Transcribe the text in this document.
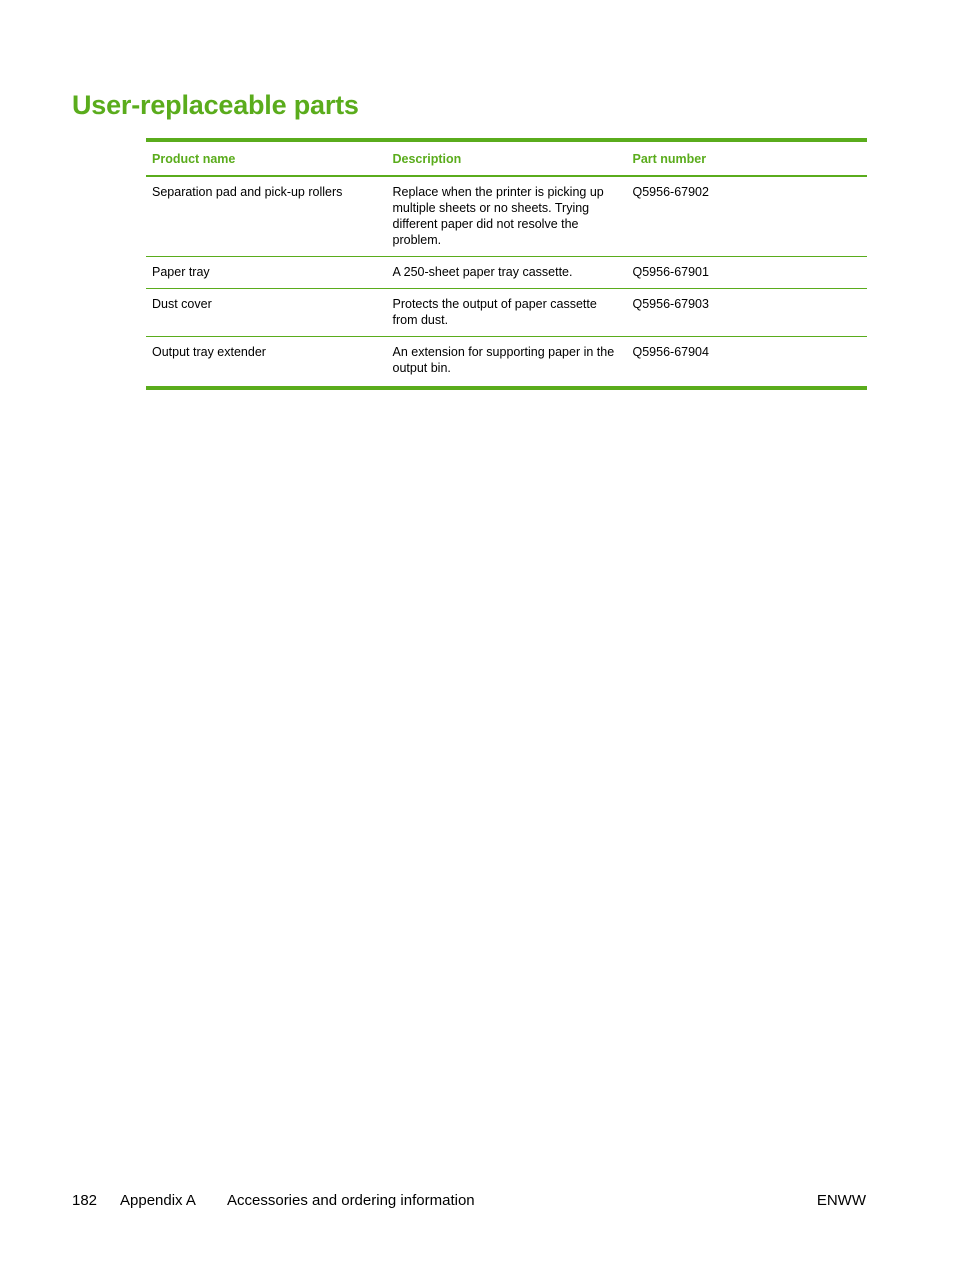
User-replaceable parts
Product name	Description	Part number
Separation pad and pick-up rollers	Replace when the printer is picking up multiple sheets or no sheets. Trying different paper did not resolve the problem.	Q5956-67902
Paper tray	A 250-sheet paper tray cassette.	Q5956-67901
Dust cover	Protects the output of paper cassette from dust.	Q5956-67903
Output tray extender	An extension for supporting paper in the output bin.	Q5956-67904
182 Appendix A Accessories and ordering information	ENWW
